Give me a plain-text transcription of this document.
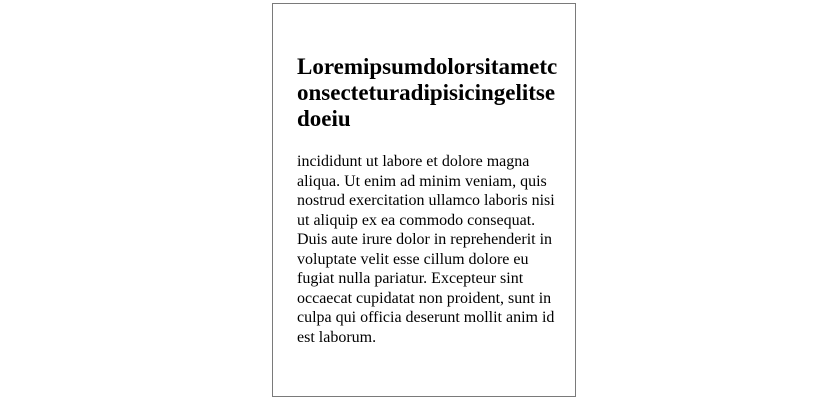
Loremipsumdolorsitametconsecteturadipisicingelitsedoeiu

incididunt ut labore et dolore magna aliqua. Ut enim ad minim veniam, quis nostrud exercitation ullamco laboris nisi ut aliquip ex ea commodo consequat. Duis aute irure dolor in reprehenderit in voluptate velit esse cillum dolore eu fugiat nulla pariatur. Excepteur sint occaecat cupidatat non proident, sunt in culpa qui officia deserunt mollit anim id est laborum.
